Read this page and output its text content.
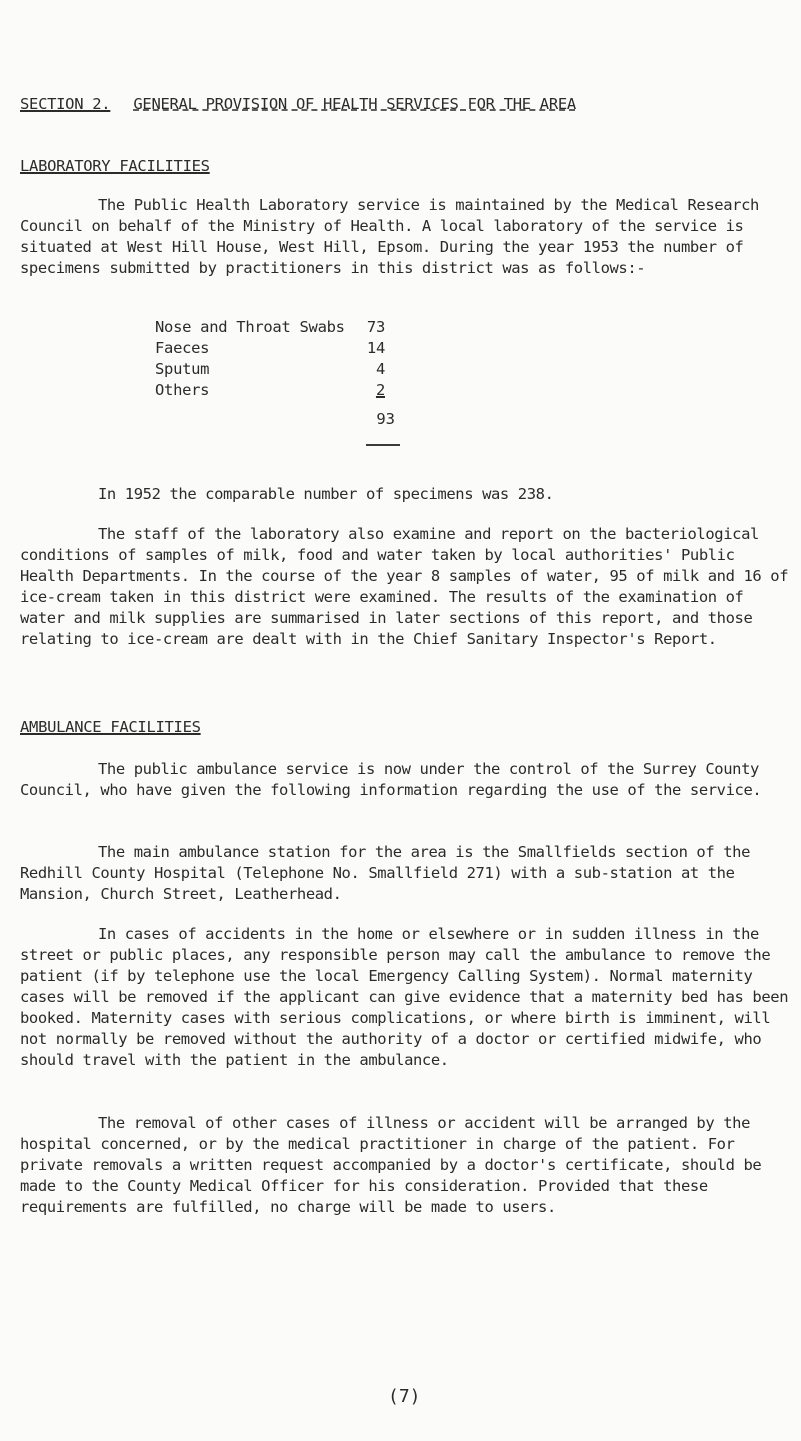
SECTION 2. GENERAL PROVISION OF HEALTH SERVICES FOR THE AREA
LABORATORY FACILITIES

The Public Health Laboratory service is maintained by the Medical Research Council on behalf of the Ministry of Health. A local laboratory of the service is situated at West Hill House, West Hill, Epsom. During the year 1953 the number of specimens submitted by practitioners in this district was as follows:-

Nose and Throat Swabs	73
Faeces	14
Sputum	4
Others	2
93

In 1952 the comparable number of specimens was 238.

The staff of the laboratory also examine and report on the bacteriological conditions of samples of milk, food and water taken by local authorities' Public Health Departments. In the course of the year 8 samples of water, 95 of milk and 16 of ice-cream taken in this district were examined. The results of the examination of water and milk supplies are summarised in later sections of this report, and those relating to ice-cream are dealt with in the Chief Sanitary Inspector's Report.

AMBULANCE FACILITIES

The public ambulance service is now under the control of the Surrey County Council, who have given the following information regarding the use of the service.

The main ambulance station for the area is the Smallfields section of the Redhill County Hospital (Telephone No. Smallfield 271) with a sub-station at the Mansion, Church Street, Leatherhead.

In cases of accidents in the home or elsewhere or in sudden illness in the street or public places, any responsible person may call the ambulance to remove the patient (if by telephone use the local Emergency Calling System). Normal maternity cases will be removed if the applicant can give evidence that a maternity bed has been booked. Maternity cases with serious complications, or where birth is imminent, will not normally be removed without the authority of a doctor or certified midwife, who should travel with the patient in the ambulance.

The removal of other cases of illness or accident will be arranged by the hospital concerned, or by the medical practitioner in charge of the patient. For private removals a written request accompanied by a doctor's certificate, should be made to the County Medical Officer for his consideration. Provided that these requirements are fulfilled, no charge will be made to users.

(7)
